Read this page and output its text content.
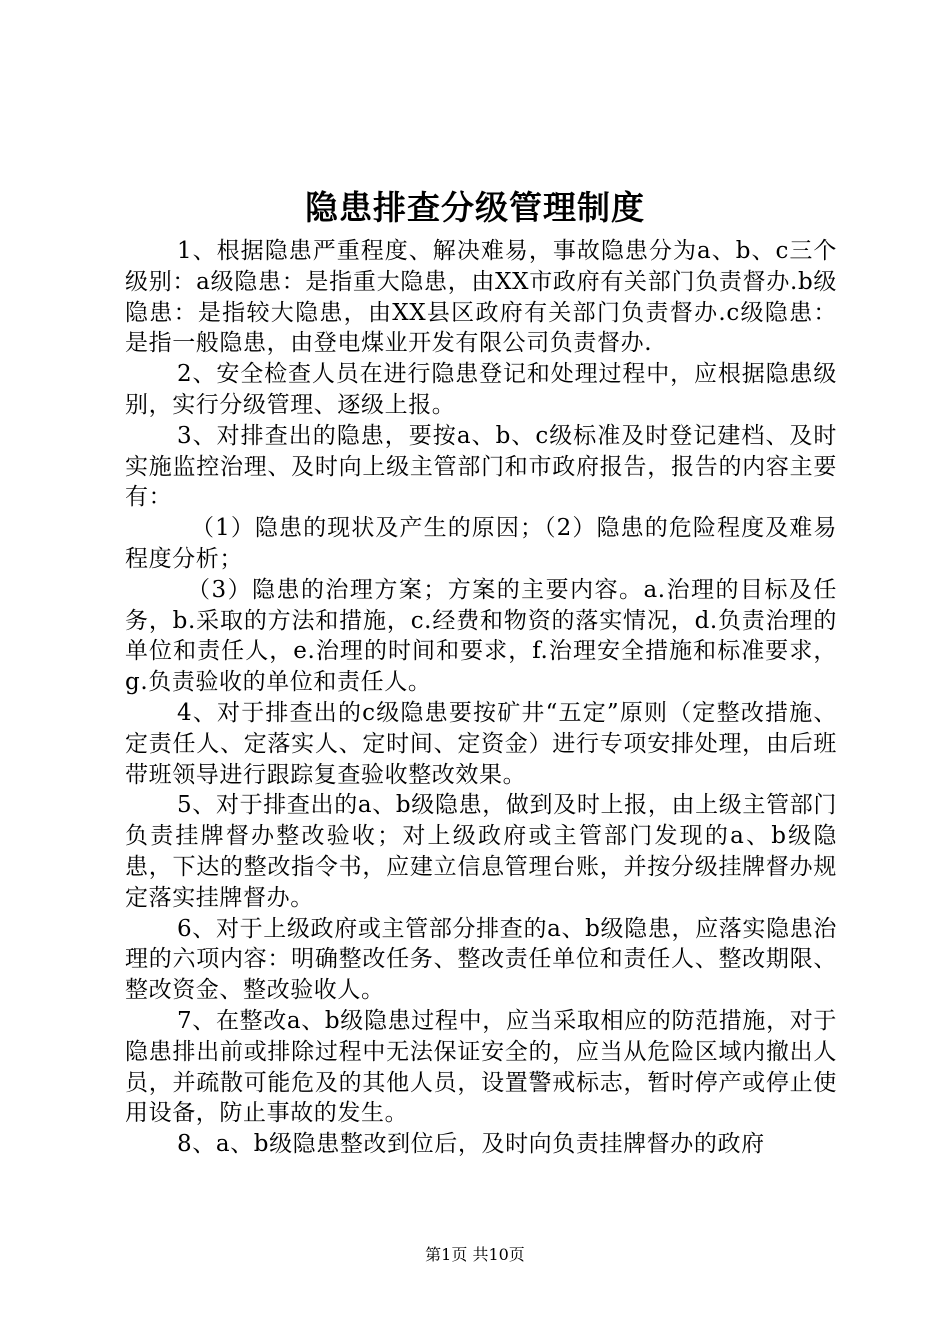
隐患排查分级管理制度

1、根据隐患严重程度、解决难易，事故隐患分为a、b、c三个级别：a级隐患：是指重大隐患，由XX市政府有关部门负责督办.b级隐患：是指较大隐患，由XX县区政府有关部门负责督办.c级隐患：是指一般隐患，由登电煤业开发有限公司负责督办.

2、安全检查人员在进行隐患登记和处理过程中，应根据隐患级别，实行分级管理、逐级上报。

3、对排查出的隐患，要按a、b、c级标准及时登记建档、及时实施监控治理、及时向上级主管部门和市政府报告，报告的内容主要有：

（1）隐患的现状及产生的原因；（2）隐患的危险程度及难易程度分析；

（3）隐患的治理方案；方案的主要内容。a.治理的目标及任务，b.采取的方法和措施，c.经费和物资的落实情况，d.负责治理的单位和责任人，e.治理的时间和要求，f.治理安全措施和标准要求，g.负责验收的单位和责任人。

4、对于排查出的c级隐患要按矿井“五定”原则（定整改措施、定责任人、定落实人、定时间、定资金）进行专项安排处理，由后班带班领导进行跟踪复查验收整改效果。

5、对于排查出的a、b级隐患，做到及时上报，由上级主管部门负责挂牌督办整改验收；对上级政府或主管部门发现的a、b级隐患，下达的整改指令书，应建立信息管理台账，并按分级挂牌督办规定落实挂牌督办。

6、对于上级政府或主管部分排查的a、b级隐患，应落实隐患治理的六项内容：明确整改任务、整改责任单位和责任人、整改期限、整改资金、整改验收人。

7、在整改a、b级隐患过程中，应当采取相应的防范措施，对于隐患排出前或排除过程中无法保证安全的，应当从危险区域内撤出人员，并疏散可能危及的其他人员，设置警戒标志，暂时停产或停止使用设备，防止事故的发生。

8、a、b级隐患整改到位后，及时向负责挂牌督办的政府

第1页 共10页
